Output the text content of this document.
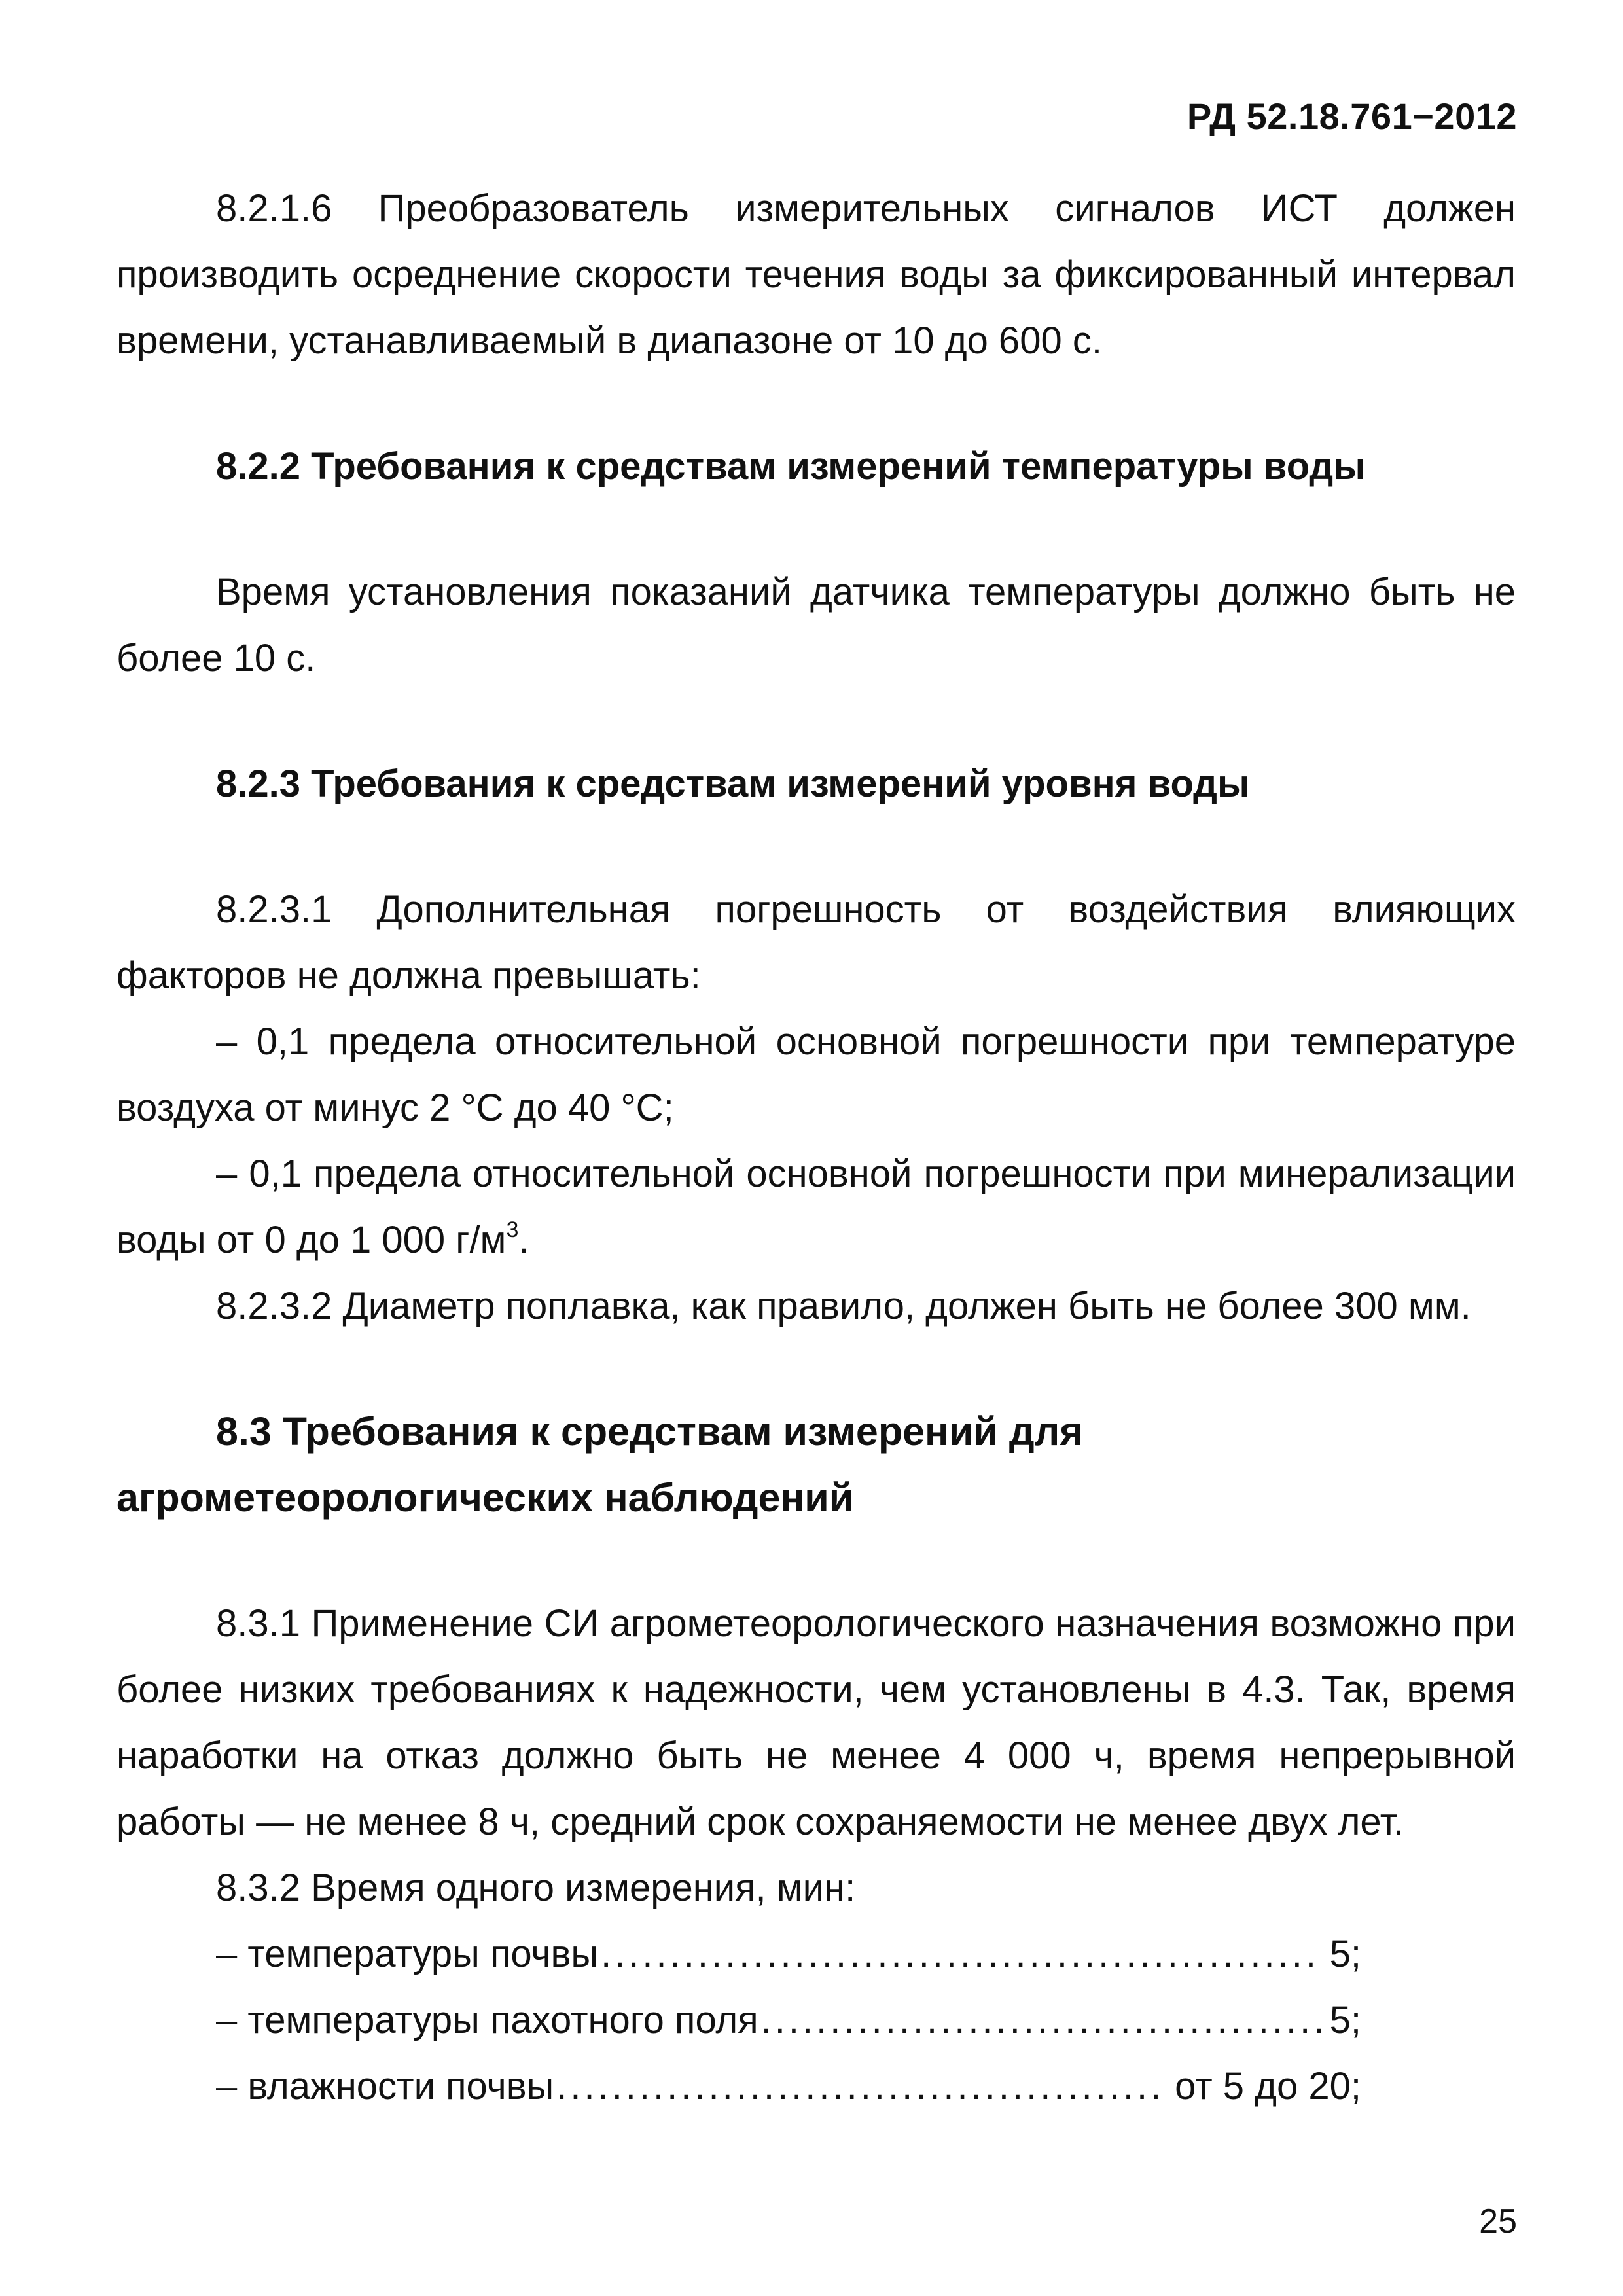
РД 52.18.761−2012

8.2.1.6 Преобразователь измерительных сигналов ИСТ должен производить осреднение скорости течения воды за фиксированный интервал времени, устанавливаемый в диапазоне от 10 до 600 с.

8.2.2 Требования к средствам измерений температуры воды

Время установления показаний датчика температуры должно быть не более 10 с.

8.2.3 Требования к средствам измерений уровня воды

8.2.3.1 Дополнительная погрешность от воздействия влияющих факторов не должна превышать:

– 0,1 предела относительной основной погрешности при температуре воздуха от минус 2 °С до 40 °С;

– 0,1 предела относительной основной погрешности при минерализации воды от 0 до 1 000 $г/м^3$.

8.2.3.2 Диаметр поплавка, как правило, должен быть не более 300 мм.

8.3 Требования к средствам измерений для агрометеорологических наблюдений

8.3.1 Применение СИ агрометеорологического назначения возможно при более низких требованиях к надежности, чем установлены в 4.3. Так, время наработки на отказ должно быть не менее 4 000 ч, время непрерывной работы — не менее 8 ч, средний срок сохраняемости не менее двух лет.

8.3.2 Время одного измерения, мин:

– температуры почвы .....	5;
– температуры пахотного поля .....	5;
– влажности почвы .....	от 5 до 20;
25
